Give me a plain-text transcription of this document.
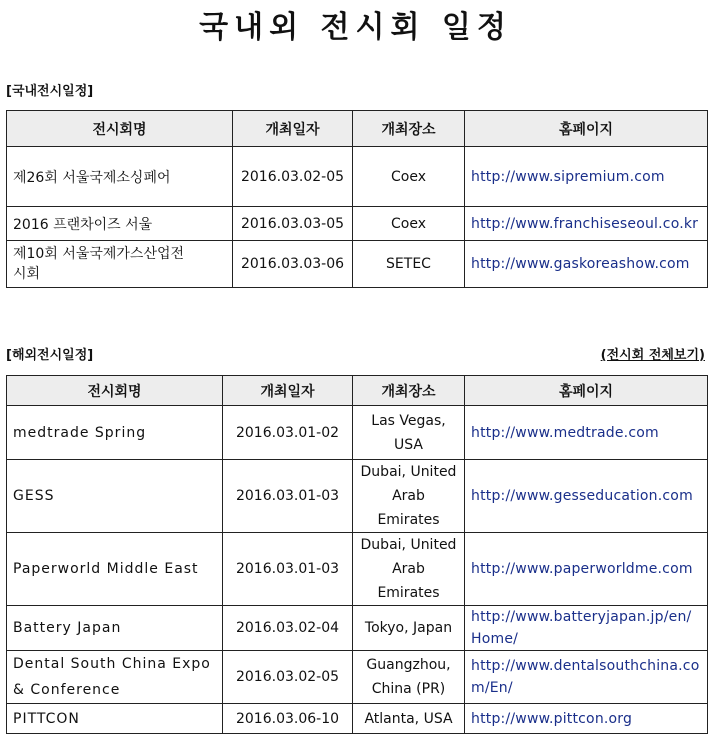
국내외 전시회 일정
[국내전시일정]
전시회명	개최일자	개최장소	홈페이지
제26회 서울국제소싱페어	2016.03.02-05	Coex	http://www.sipremium.com
2016 프랜차이즈 서울	2016.03.03-05	Coex	http://www.franchiseseoul.co.kr
제10회 서울국제가스산업전시회	2016.03.03-06	SETEC	http://www.gaskoreashow.com
[해외전시일정]	(전시회 전체보기)
전시회명	개최일자	개최장소	홈페이지
medtrade Spring	2016.03.01-02	Las Vegas, USA	http://www.medtrade.com
GESS	2016.03.01-03	Dubai, United Arab Emirates	http://www.gesseducation.com
Paperworld Middle East	2016.03.01-03	Dubai, United Arab Emirates	http://www.paperworldme.com
Battery Japan	2016.03.02-04	Tokyo, Japan	http://www.batteryjapan.jp/en/Home/
Dental South China Expo & Conference	2016.03.02-05	Guangzhou, China (PR)	http://www.dentalsouthchina.com/En/
PITTCON	2016.03.06-10	Atlanta, USA	http://www.pittcon.org
